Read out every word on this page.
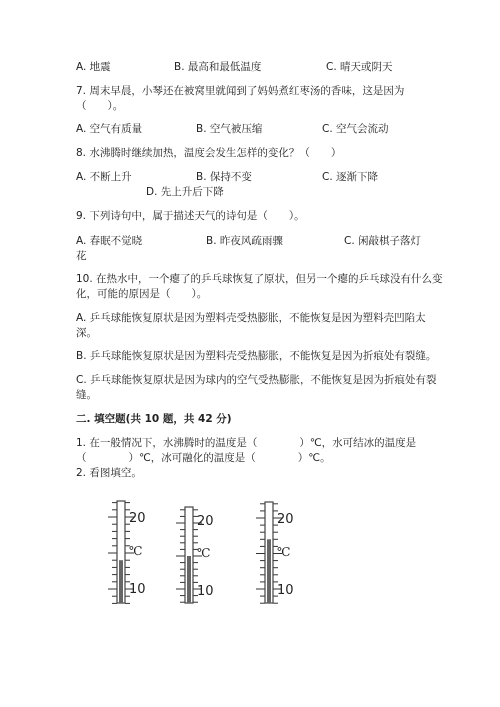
A. 地震	B. 最高和最低温度	C. 晴天或阴天
7. 周末早晨，小琴还在被窝里就闻到了妈妈煮红枣汤的香味，这是因为
（　　）。
A. 空气有质量	B. 空气被压缩	C. 空气会流动
8. 水沸腾时继续加热，温度会发生怎样的变化？（　　）
A. 不断上升	B. 保持不变	C. 逐渐下降
D. 先上升后下降
9. 下列诗句中，属于描述天气的诗句是（　　）。
A. 春眠不觉晓	B. 昨夜风疏雨骤	C. 闲敲棋子落灯
花
10. 在热水中，一个瘪了的乒乓球恢复了原状，但另一个瘪的乒乓球没有什么变
化，可能的原因是（　　）。
A. 乒乓球能恢复原状是因为塑料壳受热膨胀，不能恢复是因为塑料壳凹陷太
深。
B. 乒乓球能恢复原状是因为塑料壳受热膨胀，不能恢复是因为折痕处有裂缝。
C. 乒乓球能恢复原状是因为球内的空气受热膨胀，不能恢复是因为折痕处有裂
缝。
二. 填空题(共 10 题，共 42 分)
1. 在一般情况下，水沸腾时的温度是（　　　　）℃，水可结冰的温度是
（　　　　）℃，冰可融化的温度是（　　　　）℃。
2. 看图填空。
20
℃
10
20
℃
10
20
℃
10
